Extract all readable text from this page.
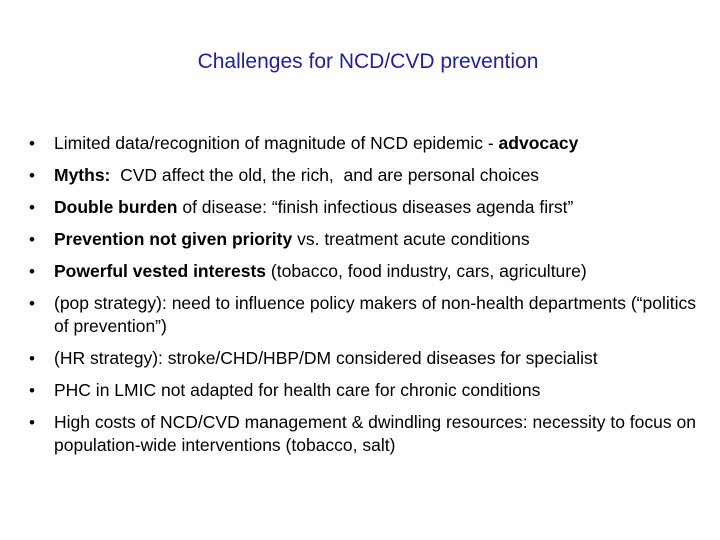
Challenges for NCD/CVD prevention
•	Limited data/recognition of magnitude of NCD epidemic - advocacy
•	Myths:  CVD affect the old, the rich,  and are personal choices
•	Double burden of disease: “finish infectious diseases agenda first”
•	Prevention not given priority vs. treatment acute conditions
•	Powerful vested interests (tobacco, food industry, cars, agriculture)
•	(pop strategy): need to influence policy makers of non-health departments (“politics of prevention”)
•	(HR strategy): stroke/CHD/HBP/DM considered diseases for specialist
•	PHC in LMIC not adapted for health care for chronic conditions
•	High costs of NCD/CVD management & dwindling resources: necessity to focus on population-wide interventions (tobacco, salt)
